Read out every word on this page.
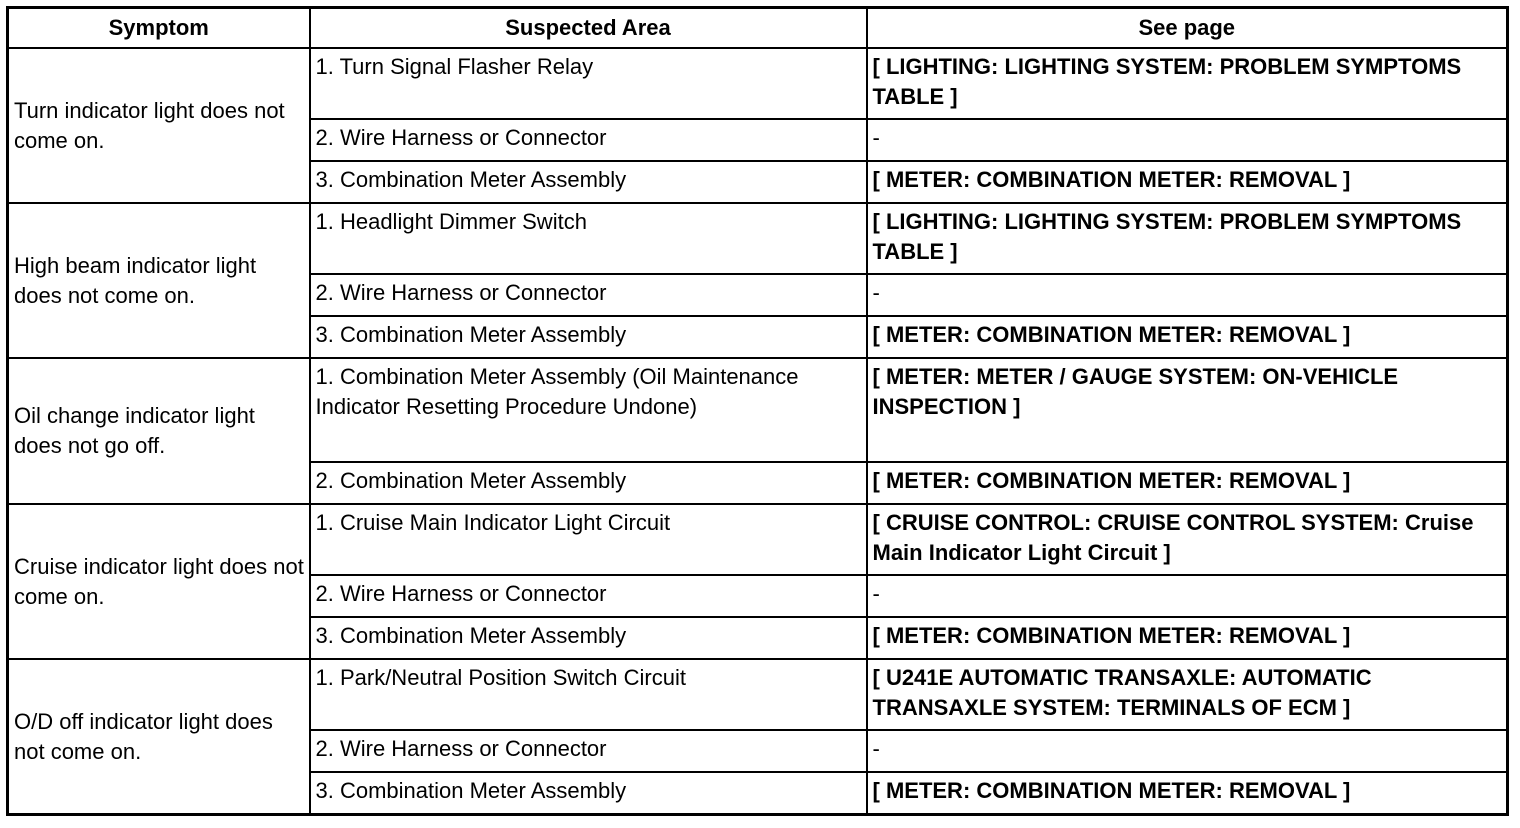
Symptom	Suspected Area	See page
Turn indicator light does not come on.	1. Turn Signal Flasher Relay	[ LIGHTING: LIGHTING SYSTEM: PROBLEM SYMPTOMS TABLE ]
	2. Wire Harness or Connector	-
	3. Combination Meter Assembly	[ METER: COMBINATION METER: REMOVAL ]
High beam indicator light does not come on.	1. Headlight Dimmer Switch	[ LIGHTING: LIGHTING SYSTEM: PROBLEM SYMPTOMS TABLE ]
	2. Wire Harness or Connector	-
	3. Combination Meter Assembly	[ METER: COMBINATION METER: REMOVAL ]
Oil change indicator light does not go off.	1. Combination Meter Assembly (Oil Maintenance Indicator Resetting Procedure Undone)	[ METER: METER / GAUGE SYSTEM: ON-VEHICLE INSPECTION ]
	2. Combination Meter Assembly	[ METER: COMBINATION METER: REMOVAL ]
Cruise indicator light does not come on.	1. Cruise Main Indicator Light Circuit	[ CRUISE CONTROL: CRUISE CONTROL SYSTEM: Cruise Main Indicator Light Circuit ]
	2. Wire Harness or Connector	-
	3. Combination Meter Assembly	[ METER: COMBINATION METER: REMOVAL ]
O/D off indicator light does not come on.	1. Park/Neutral Position Switch Circuit	[ U241E AUTOMATIC TRANSAXLE: AUTOMATIC TRANSAXLE SYSTEM: TERMINALS OF ECM ]
	2. Wire Harness or Connector	-
	3. Combination Meter Assembly	[ METER: COMBINATION METER: REMOVAL ]
